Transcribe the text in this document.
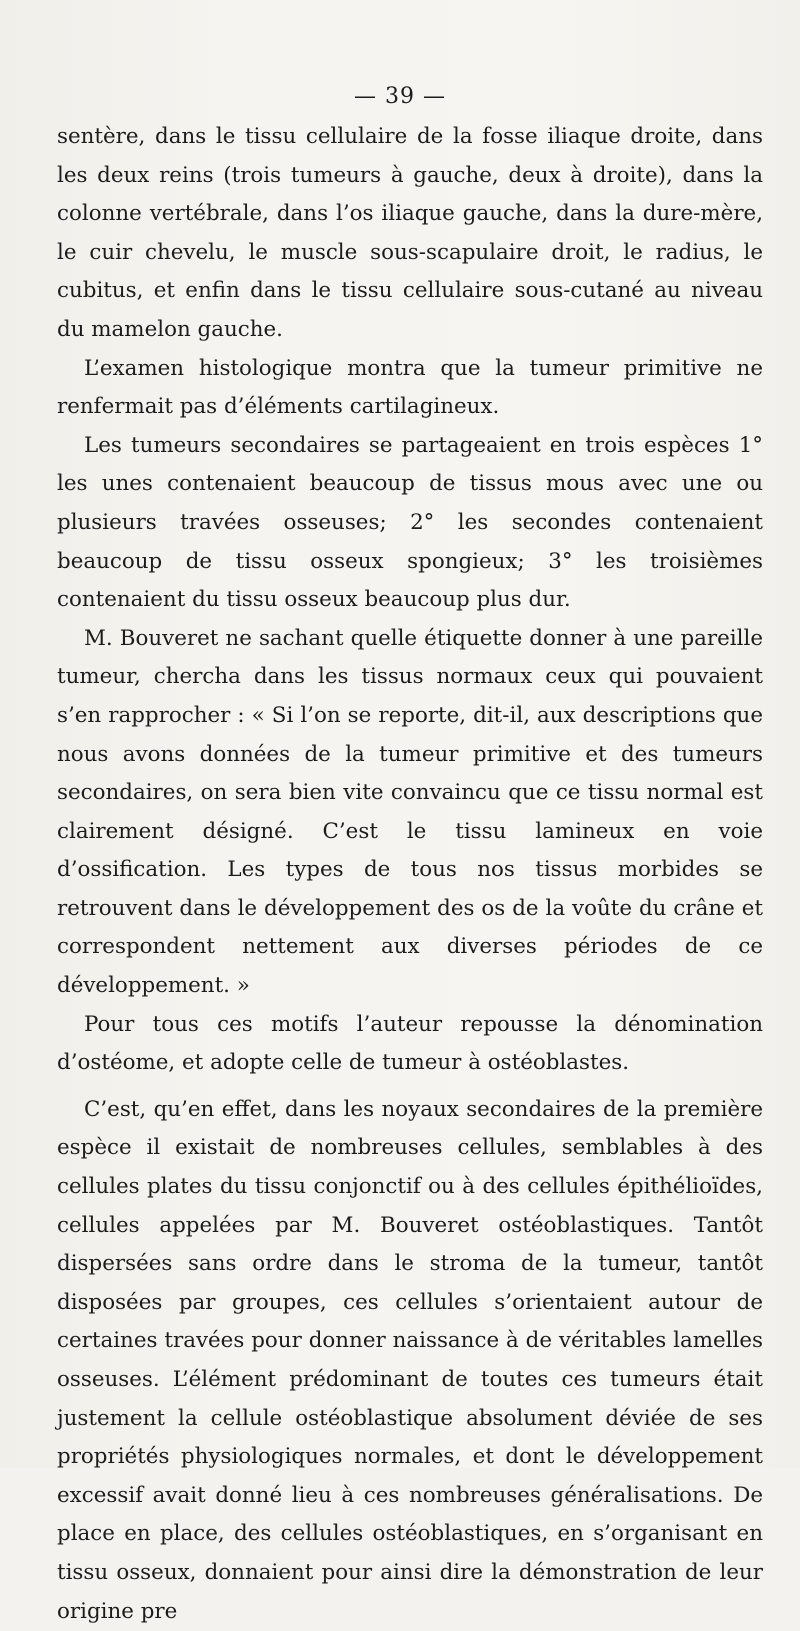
— 39 —

sentère, dans le tissu cellulaire de la fosse iliaque droite, dans les deux reins (trois tumeurs à gauche, deux à droite), dans la colonne vertébrale, dans l’os iliaque gauche, dans la dure-mère, le cuir chevelu, le muscle sous-scapulaire droit, le radius, le cubitus, et enfin dans le tissu cellulaire sous-cutané au niveau du mamelon gauche.

L’examen histologique montra que la tumeur primitive ne renfermait pas d’éléments cartilagineux.

Les tumeurs secondaires se partageaient en trois espèces 1° les unes contenaient beaucoup de tissus mous avec une ou plusieurs travées osseuses; 2° les secondes contenaient beaucoup de tissu osseux spongieux; 3° les troisièmes contenaient du tissu osseux beaucoup plus dur.

M. Bouveret ne sachant quelle étiquette donner à une pareille tumeur, chercha dans les tissus normaux ceux qui pouvaient s’en rapprocher : « Si l’on se reporte, dit-il, aux descriptions que nous avons données de la tumeur primitive et des tumeurs secondaires, on sera bien vite convaincu que ce tissu normal est clairement désigné. C’est le tissu lamineux en voie d’ossification. Les types de tous nos tissus morbides se retrouvent dans le développement des os de la voûte du crâne et correspondent nettement aux diverses périodes de ce développement. »

Pour tous ces motifs l’auteur repousse la dénomination d’ostéome, et adopte celle de tumeur à ostéoblastes.

C’est, qu’en effet, dans les noyaux secondaires de la première espèce il existait de nombreuses cellules, semblables à des cellules plates du tissu conjonctif ou à des cellules épithélioïdes, cellules appelées par M. Bouveret ostéoblastiques. Tantôt dispersées sans ordre dans le stroma de la tumeur, tantôt disposées par groupes, ces cellules s’orientaient autour de certaines travées pour donner naissance à de véritables lamelles osseuses. L’élément prédominant de toutes ces tumeurs était justement la cellule ostéoblastique absolument déviée de ses propriétés physiologiques normales, et dont le développement excessif avait donné lieu à ces nombreuses généralisations. De place en place, des cellules ostéoblastiques, en s’organisant en tissu osseux, donnaient pour ainsi dire la démonstration de leur origine pre
